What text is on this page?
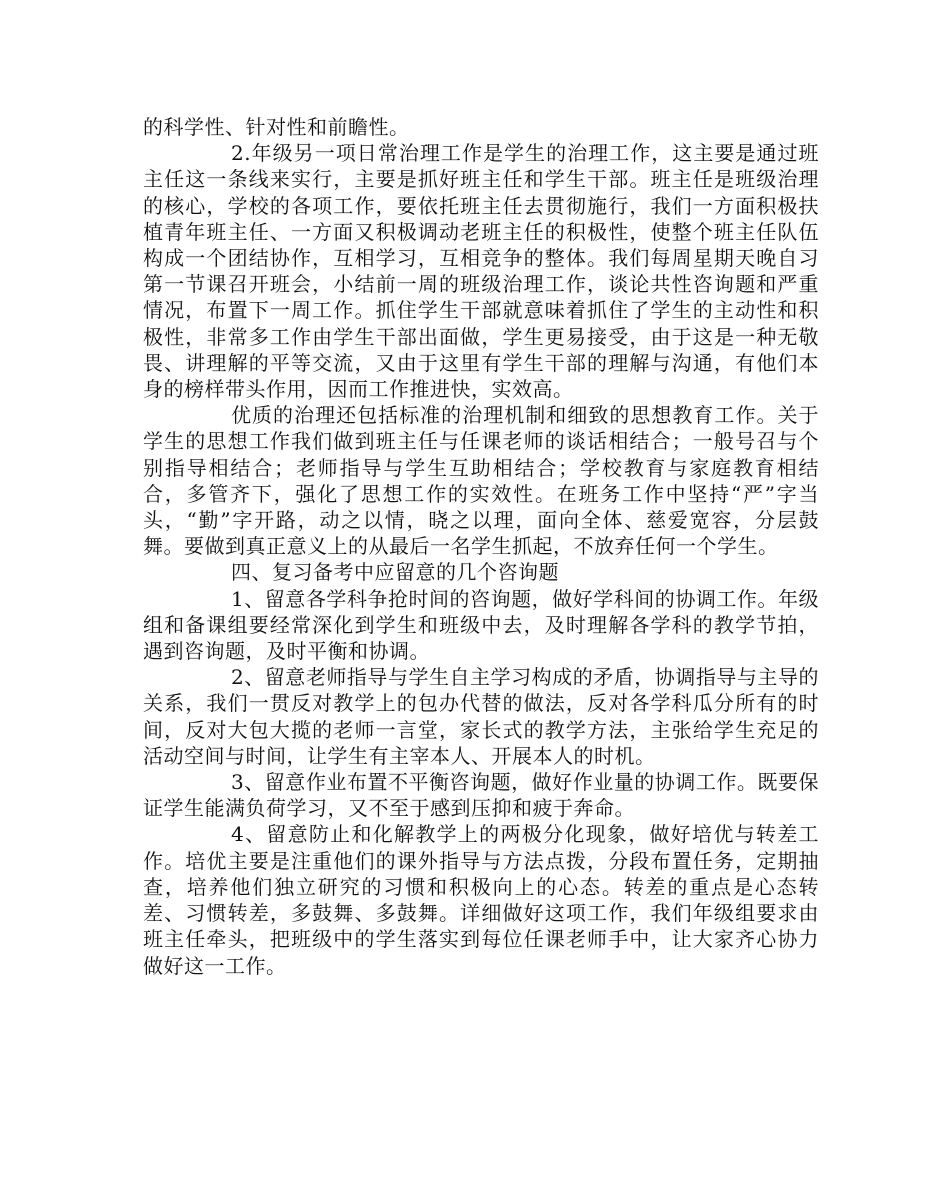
的科学性、针对性和前瞻性。

2.年级另一项日常治理工作是学生的治理工作，这主要是通过班主任这一条线来实行，主要是抓好班主任和学生干部。班主任是班级治理的核心，学校的各项工作，要依托班主任去贯彻施行，我们一方面积极扶植青年班主任、一方面又积极调动老班主任的积极性，使整个班主任队伍构成一个团结协作，互相学习，互相竞争的整体。我们每周星期天晚自习第一节课召开班会，小结前一周的班级治理工作，谈论共性咨询题和严重情况，布置下一周工作。抓住学生干部就意味着抓住了学生的主动性和积极性，非常多工作由学生干部出面做，学生更易接受，由于这是一种无敬畏、讲理解的平等交流，又由于这里有学生干部的理解与沟通，有他们本身的榜样带头作用，因而工作推进快，实效高。

优质的治理还包括标准的治理机制和细致的思想教育工作。关于学生的思想工作我们做到班主任与任课老师的谈话相结合；一般号召与个别指导相结合；老师指导与学生互助相结合；学校教育与家庭教育相结合，多管齐下，强化了思想工作的实效性。在班务工作中坚持“严”字当头，“勤”字开路，动之以情，晓之以理，面向全体、慈爱宽容，分层鼓舞。要做到真正意义上的从最后一名学生抓起，不放弃任何一个学生。

四、复习备考中应留意的几个咨询题

1、留意各学科争抢时间的咨询题，做好学科间的协调工作。年级组和备课组要经常深化到学生和班级中去，及时理解各学科的教学节拍，遇到咨询题，及时平衡和协调。

2、留意老师指导与学生自主学习构成的矛盾，协调指导与主导的关系，我们一贯反对教学上的包办代替的做法，反对各学科瓜分所有的时间，反对大包大揽的老师一言堂，家长式的教学方法，主张给学生充足的活动空间与时间，让学生有主宰本人、开展本人的时机。

3、留意作业布置不平衡咨询题，做好作业量的协调工作。既要保证学生能满负荷学习，又不至于感到压抑和疲于奔命。

4、留意防止和化解教学上的两极分化现象，做好培优与转差工作。培优主要是注重他们的课外指导与方法点拨，分段布置任务，定期抽查，培养他们独立研究的习惯和积极向上的心态。转差的重点是心态转差、习惯转差，多鼓舞、多鼓舞。详细做好这项工作，我们年级组要求由班主任牵头，把班级中的学生落实到每位任课老师手中，让大家齐心协力做好这一工作。
